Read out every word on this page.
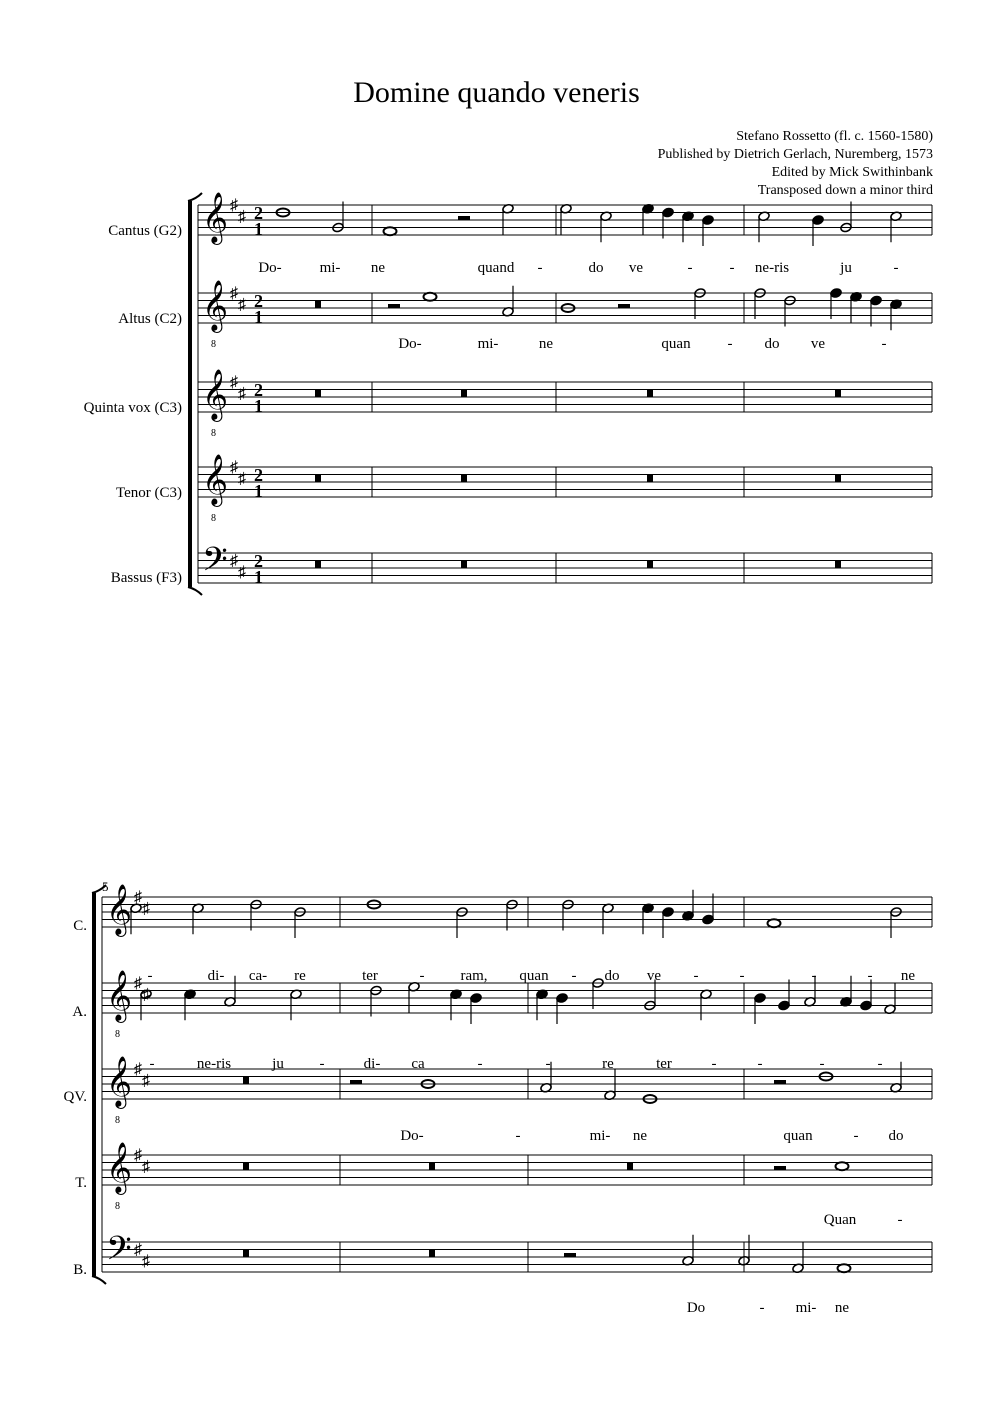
Domine quando veneris
Stefano Rossetto (fl. c. 1560-1580)
Published by Dietrich Gerlach, Nuremberg, 1573
Edited by Mick Swithinbank
Transposed down a minor third
Cantus (G2)
Altus (C2)
Quinta vox (C3)
Tenor (C3)
Bassus (F3)
C.
A.
QV.
T.
B.
5
𝄞 ♯
♯ 2
1
𝄞
8
♯
♯ 2
1
𝄞
8
♯
♯ 2
1
𝄞
8
♯
♯ 2
1
𝄢 ♯
♯
2
1
𝄞 ♯
♯
𝄞
8
♯
♯
𝄞
8
♯
♯
𝄞
8
♯
♯
𝄢 ♯
♯
Do-	mi- ne	quand -	do ve	- - ne-ris	ju	-
Do-	mi-	ne	quan - do ve	-
-	di- ca- re	ter	- ram, quan - do ve -	-	-	- ne
-	ne-ris	ju -	di- ca	-	-	re	ter	-	-	-	-
Do-	-	mi- ne	quan	- do
Quan	-
Do	- mi- ne
